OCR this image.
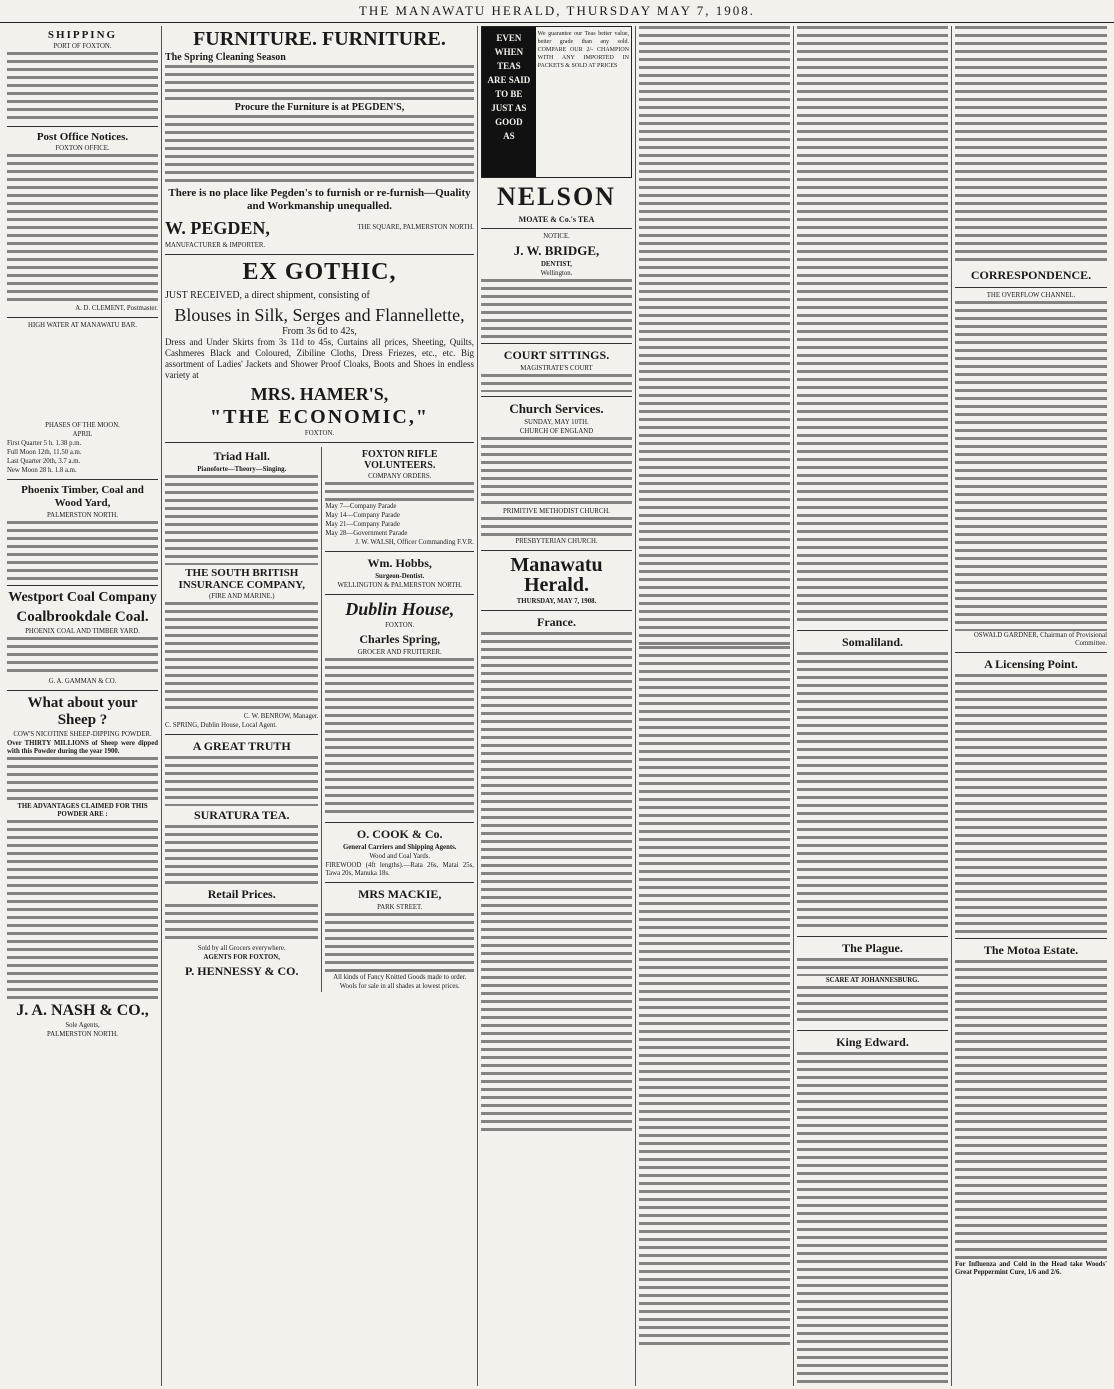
THE MANAWATU HERALD, THURSDAY MAY 7, 1908.
SHIPPING
PORT OF FOXTON.
Post Office Notices.
FOXTON OFFICE.
A. D. CLEMENT, Postmaster.
HIGH WATER AT MANAWATU BAR.
PHASES OF THE MOON.
APRIL
First Quarter 5 h. 1.38 p.m.
Full Moon 12th, 11.50 a.m.
Last Quarter 20th, 3.7 a.m.
New Moon 28 h. 1.8 a.m.
Phoenix Timber, Coal and Wood Yard,
PALMERSTON NORTH.
Westport Coal Company
Coalbrookdale Coal.
PHOENIX COAL AND TIMBER YARD.
G. A. GAMMAN & CO.
What about your Sheep ?
COW'S NICOTINE SHEEP-DIPPING POWDER.
Over THIRTY MILLIONS of Sheep were dipped with this Powder during the year 1900.
THE ADVANTAGES CLAIMED FOR THIS POWDER ARE :
J. A. NASH & CO.,
Sole Agents,
PALMERSTON NORTH.
FURNITURE. FURNITURE.
The Spring Cleaning Season
Procure the Furniture is at PEGDEN'S,
There is no place like Pegden's to furnish or re-furnish—Quality and Workmanship unequalled.
W. PEGDEN,	THE SQUARE, PALMERSTON NORTH.
MANUFACTURER & IMPORTER.
EX GOTHIC,
JUST RECEIVED, a direct shipment, consisting of
Blouses in Silk, Serges and Flannellette,
From 3s 6d to 42s,
Dress and Under Skirts from 3s 11d to 45s, Curtains all prices, Sheeting, Quilts, Cashmeres Black and Coloured, Zibiline Cloths, Dress Friezes, etc., etc. Big assortment of Ladies' Jackets and Shower Proof Cloaks, Boots and Shoes in endless variety at
MRS. HAMER'S,
"THE ECONOMIC,"
FOXTON.
Triad Hall.
Pianoforte—Theory—Singing.
THE SOUTH BRITISH INSURANCE COMPANY,
(FIRE AND MARINE.)
C. W. BENROW, Manager.
C. SPRING, Dublin House, Local Agent.
A GREAT TRUTH
SURATURA TEA.
Retail Prices.
Sold by all Grocers everywhere.
AGENTS FOR FOXTON,
P. HENNESSY & CO.
FOXTON RIFLE VOLUNTEERS.
COMPANY ORDERS.
May 7—Company Parade
May 14—Company Parade
May 21—Company Parade
May 28—Government Parade
J. W. WALSH, Officer Commanding F.V.R.
Wm. Hobbs,
Surgeon-Dentist.
WELLINGTON & PALMERSTON NORTH.
Dublin House,
FOXTON.
Charles Spring,
GROCER AND FRUITERER.
O. COOK & Co.
General Carriers and Shipping Agents.
Wood and Coal Yards.
FIREWOOD (4ft lengths).—Rata 26s, Matai 25s, Tawa 20s, Manuka 18s.
MRS MACKIE,
PARK STREET.
All kinds of Fancy Knitted Goods made to order.
Wools for sale in all shades at lowest prices.
EVEN
WHEN
TEAS
ARE SAID
TO BE
JUST AS GOOD
AS
We guarantee our Teas better value, better grade than any sold. COMPARE OUR 2/- CHAMPION WITH ANY IMPORTED IN PACKETS & SOLD AT PRICES
NELSON
MOATE & Co.'s TEA
NOTICE.
J. W. BRIDGE,
DENTIST,
Wellington.
COURT SITTINGS.
MAGISTRATE'S COURT
Church Services.
SUNDAY, MAY 10TH.
CHURCH OF ENGLAND
PRIMITIVE METHODIST CHURCH.
PRESBYTERIAN CHURCH.
Manawatu Herald.
THURSDAY, MAY 7, 1908.
France.
Somaliland.
The Plague.
SCARE AT JOHANNESBURG.
King Edward.
CORRESPONDENCE.
THE OVERFLOW CHANNEL.
OSWALD GARDNER, Chairman of Provisional Committee.
A Licensing Point.
The Motoa Estate.
For Influenza and Cold in the Head take Woods' Great Peppermint Cure, 1/6 and 2/6.
